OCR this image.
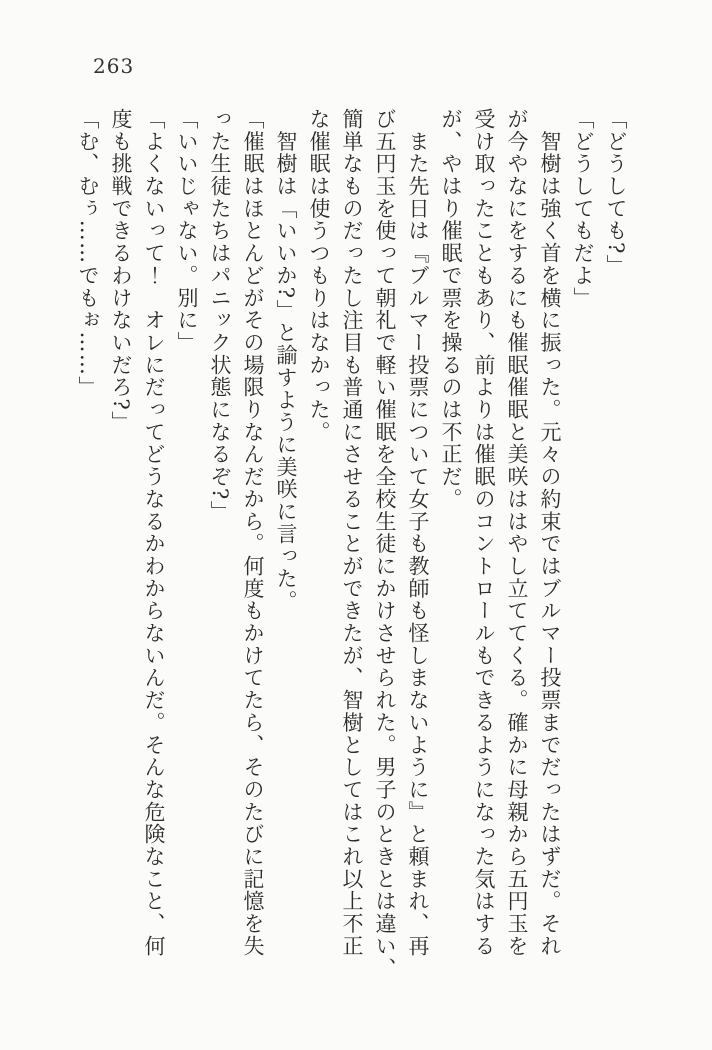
263
「どうしても?」
「どうしてもだよ」
　智樹は強く首を横に振った。元々の約束ではブルマー投票までだったはずだ。それ
が今やなにをするにも催眠催眠と美咲ははやし立ててくる。確かに母親から五円玉を
受け取ったこともあり、前よりは催眠のコントロールもできるようになった気はする
が、やはり催眠で票を操るのは不正だ。
　また先日は『ブルマー投票について女子も教師も怪しまないように』と頼まれ、再
び五円玉を使って朝礼で軽い催眠を全校生徒にかけさせられた。男子のときとは違い、
簡単なものだったし注目も普通にさせることができたが、智樹としてはこれ以上不正
な催眠は使うつもりはなかった。
　智樹は「いいか?」と諭すように美咲に言った。
「催眠はほとんどがその場限りなんだから。何度もかけてたら、そのたびに記憶を失
った生徒たちはパニック状態になるぞ?」
「いいじゃない。別に」
「よくないって！　オレにだってどうなるかわからないんだ。そんな危険なこと、何
度も挑戦できるわけないだろ?」
「む、むぅ……でもぉ……」
